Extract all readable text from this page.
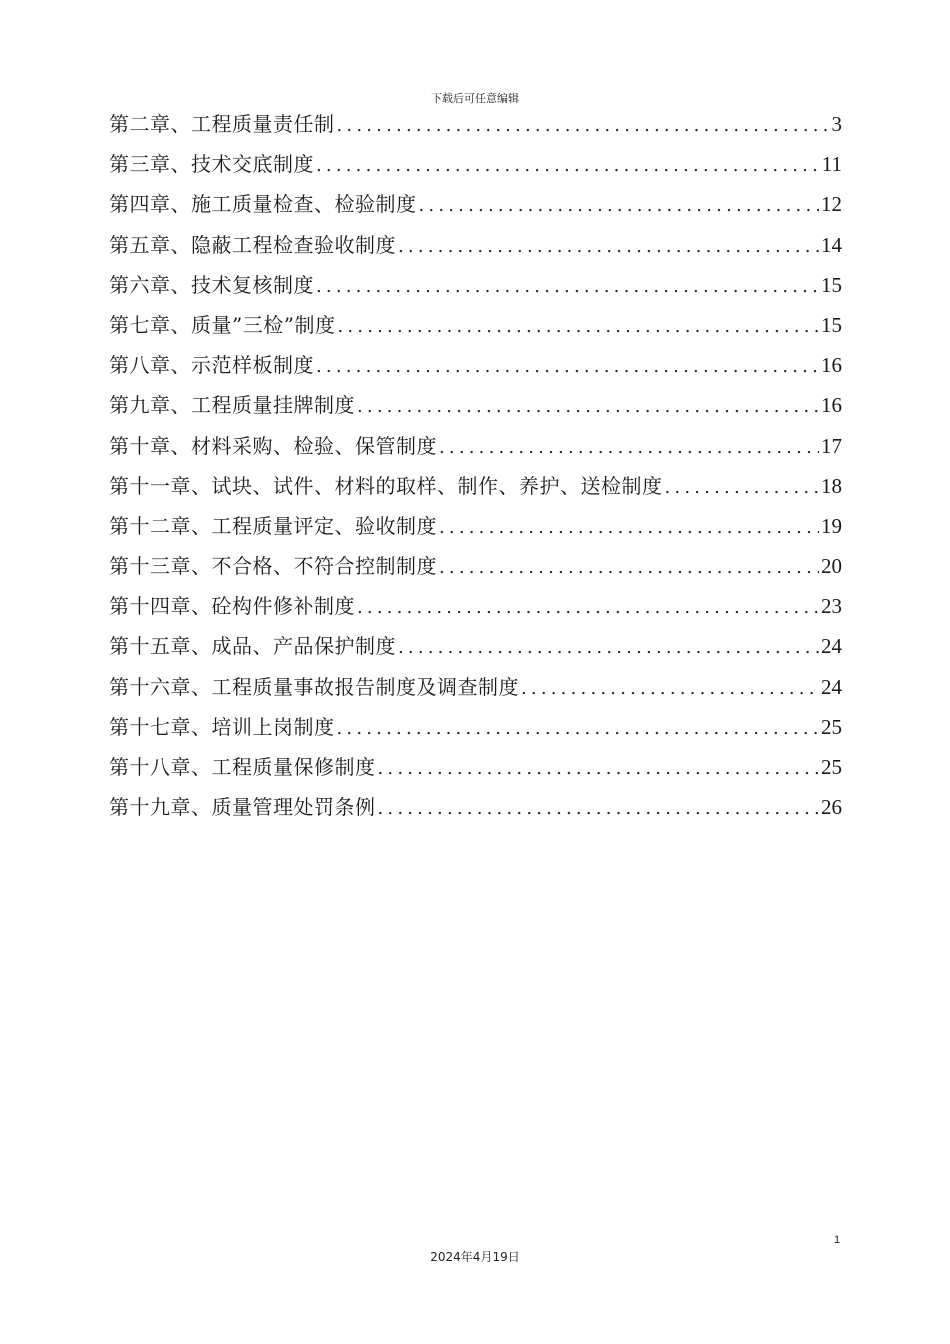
下载后可任意编辑
第二章、工程质量责任制 .....	3
第三章、技术交底制度 .....	11
第四章、施工质量检查、检验制度 .....	12
第五章、隐蔽工程检查验收制度 .....	14
第六章、技术复核制度 .....	15
第七章、质量”三检”制度 .....	15
第八章、示范样板制度 .....	16
第九章、工程质量挂牌制度 .....	16
第十章、材料采购、检验、保管制度 .....	17
第十一章、试块、试件、材料的取样、制作、养护、送检制度 .....	18
第十二章、工程质量评定、验收制度 .....	19
第十三章、不合格、不符合控制制度 .....	20
第十四章、砼构件修补制度 .....	23
第十五章、成品、产品保护制度 .....	24
第十六章、工程质量事故报告制度及调查制度 .....	24
第十七章、培训上岗制度 .....	25
第十八章、工程质量保修制度 .....	25
第十九章、质量管理处罚条例 .....	26
1
2024年4月19日
